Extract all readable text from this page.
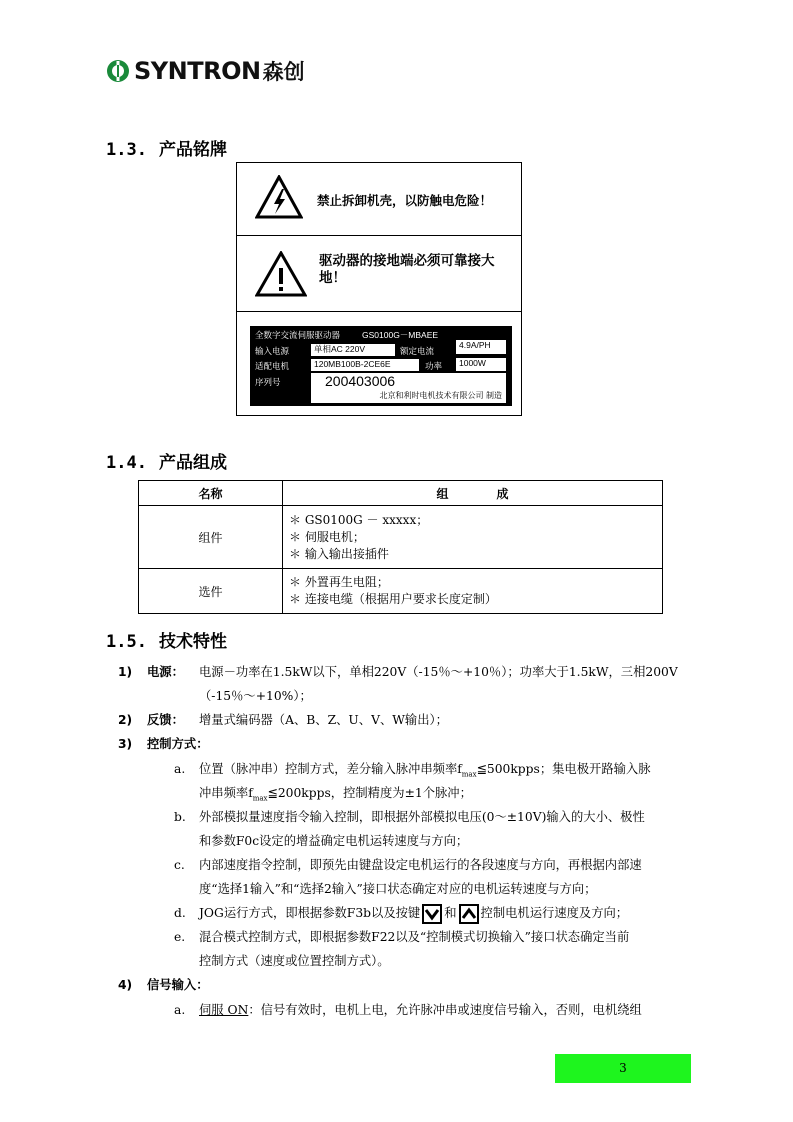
SYNTRON 森创
1.3. 产品铭牌
禁止拆卸机壳，以防触电危险！
驱动器的接地端必须可靠接大地！
全数字交流伺服驱动器	GS0100G－MBAEE
输入电源	单相AC 220V	额定电流
4.9A/PH
适配电机	120MB100B-2CE6E	功率	1000W
序列号	200403006
北京和利时电机技术有限公司 制造
1.4. 产品组成
名称	组　　　　成
组件	＊ GS0100G － xxxxx；
＊ 伺服电机；
＊ 输入输出接插件

选件	＊ 外置再生电阻；
＊ 连接电缆（根据用户要求长度定制）
1.5. 技术特性
1) 电源： 电源－功率在1.5kW以下，单相220V（-15％～+10％）；功率大于1.5kW，三相200V
（-15％～+10%）；
2) 反馈： 增量式编码器（A、B、Z、U、V、W输出）；
3) 控制方式：
a. 位置（脉冲串）控制方式，差分输入脉冲串频率$f_{max}≦500kpps$；集电极开路输入脉
冲串频率$f_{max}≦200kpps$，控制精度为±1个脉冲；
b. 外部模拟量速度指令输入控制，即根据外部模拟电压(0～±10V)输入的大小、极性
和参数F0c设定的增益确定电机运转速度与方向；
c. 内部速度指令控制，即预先由键盘设定电机运行的各段速度与方向，再根据内部速
度“选择1输入”和“选择2输入”接口状态确定对应的电机运转速度与方向；
d. JOG运行方式，即根据参数F3b以及按键 和 控制电机运行速度及方向；
e. 混合模式控制方式，即根据参数F22以及“控制模式切换输入”接口状态确定当前
控制方式（速度或位置控制方式）。
4) 信号输入：
a. 伺服 ON：信号有效时，电机上电，允许脉冲串或速度信号输入，否则，电机绕组
3
